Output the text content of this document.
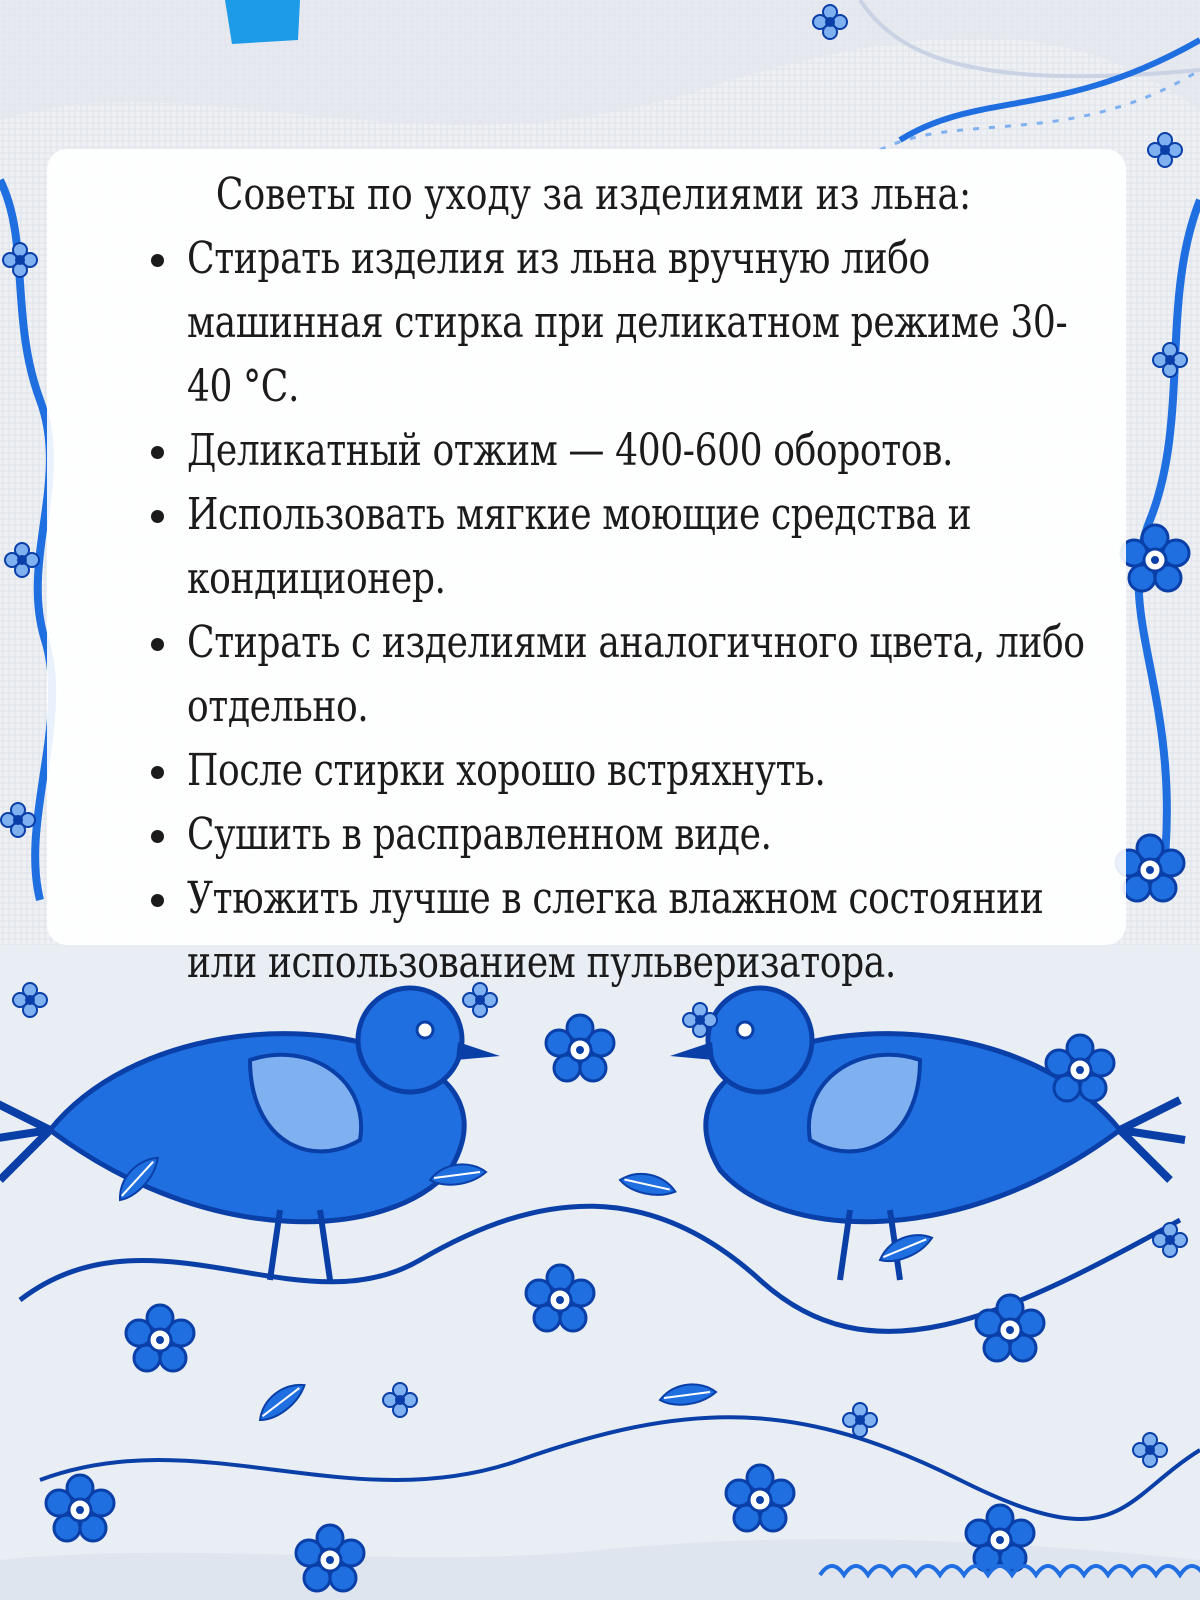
Советы по уходу за изделиями из льна:
Стирать изделия из льна вручную либо машинная стирка при деликатном режиме 30-40 °С.
Деликатный отжим — 400-600 оборотов.
Использовать мягкие моющие средства и кондиционер.
Стирать с изделиями аналогичного цвета, либо отдельно.
После стирки хорошо встряхнуть.
Сушить в расправленном виде.
Утюжить лучше в слегка влажном состоянии или использованием пульверизатора.
